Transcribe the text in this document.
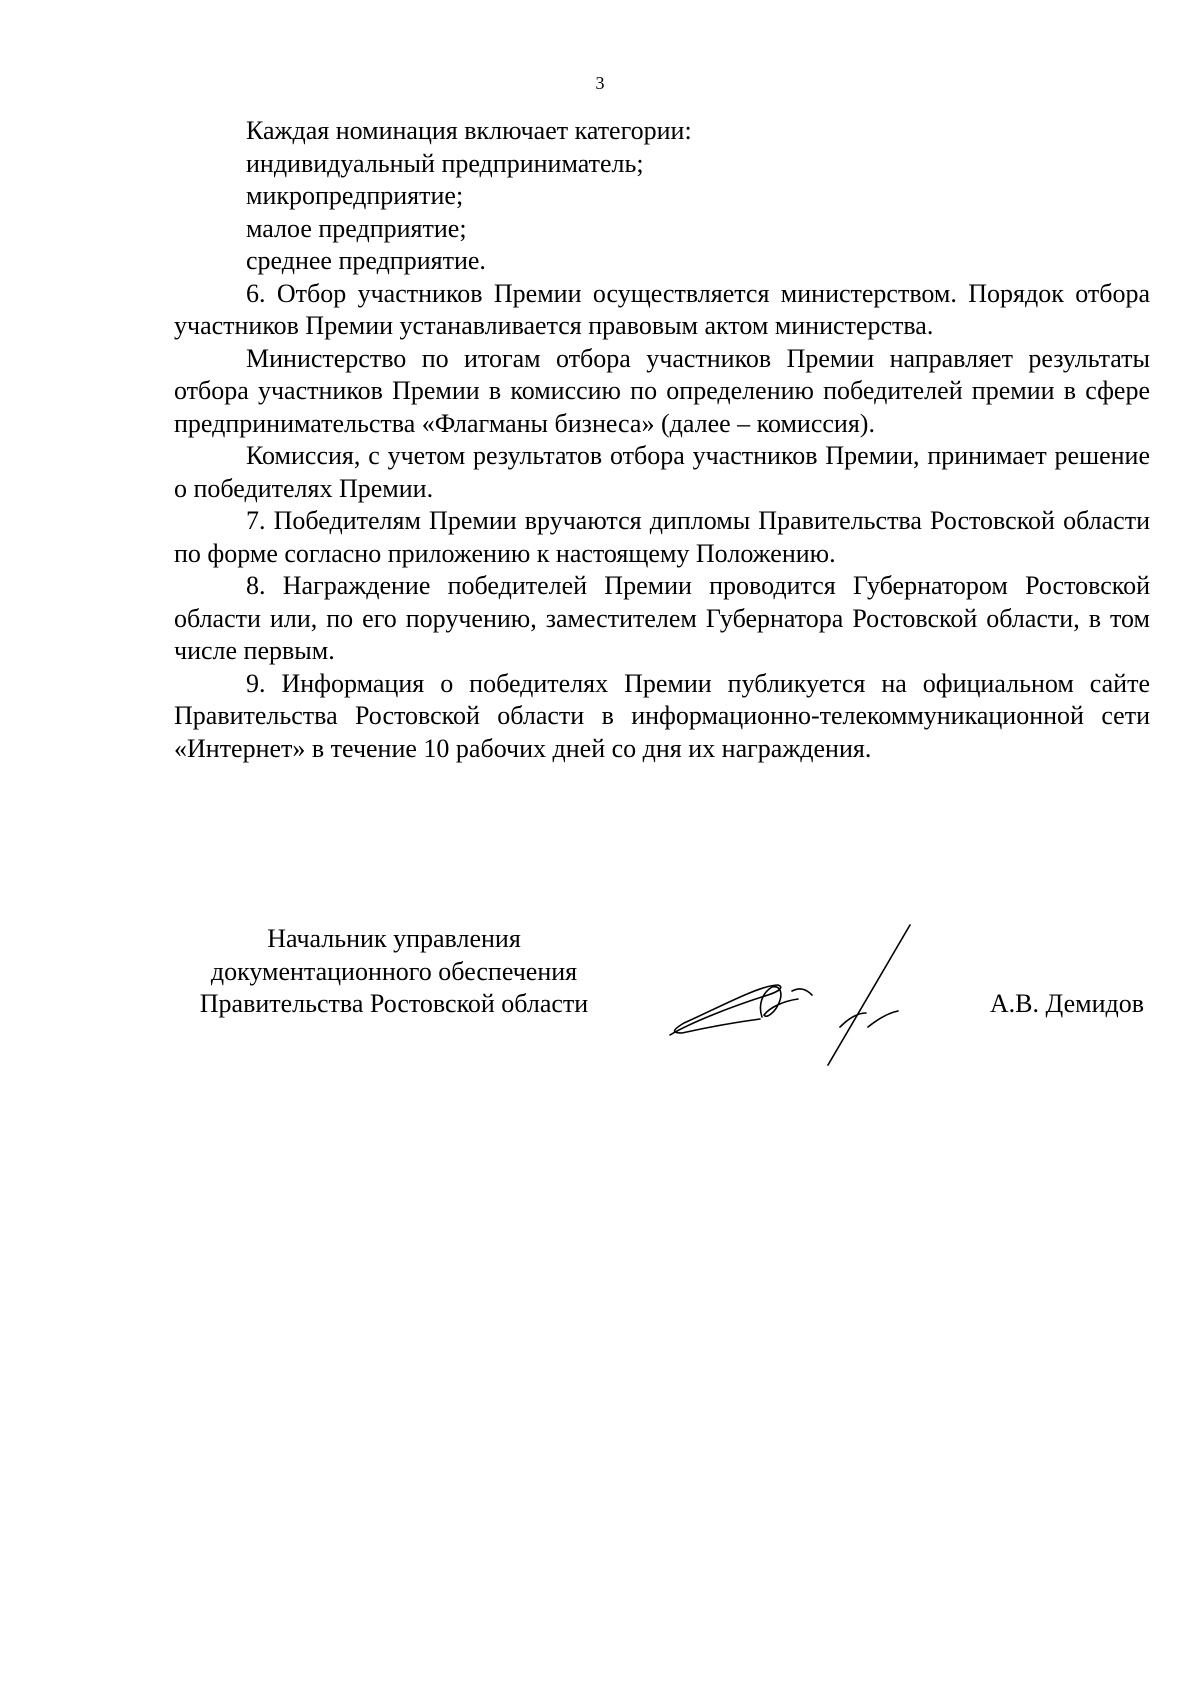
3

Каждая номинация включает категории:

индивидуальный предприниматель;

микропредприятие;

малое предприятие;

среднее предприятие.

6. Отбор участников Премии осуществляется министерством. Порядок отбора участников Премии устанавливается правовым актом министерства.

Министерство по итогам отбора участников Премии направляет результаты отбора участников Премии в комиссию по определению победителей премии в сфере предпринимательства «Флагманы бизнеса» (далее – комиссия).

Комиссия, с учетом результатов отбора участников Премии, принимает решение о победителях Премии.

7. Победителям Премии вручаются дипломы Правительства Ростовской области по форме согласно приложению к настоящему Положению.

8. Награждение победителей Премии проводится Губернатором Ростовской области или, по его поручению, заместителем Губернатора Ростовской области, в том числе первым.

9. Информация о победителях Премии публикуется на официальном сайте Правительства Ростовской области в информационно-телекоммуникационной сети «Интернет» в течение 10 рабочих дней со дня их награждения.

Начальник управления
документационного обеспечения
Правительства Ростовской области	А.В. Демидов
